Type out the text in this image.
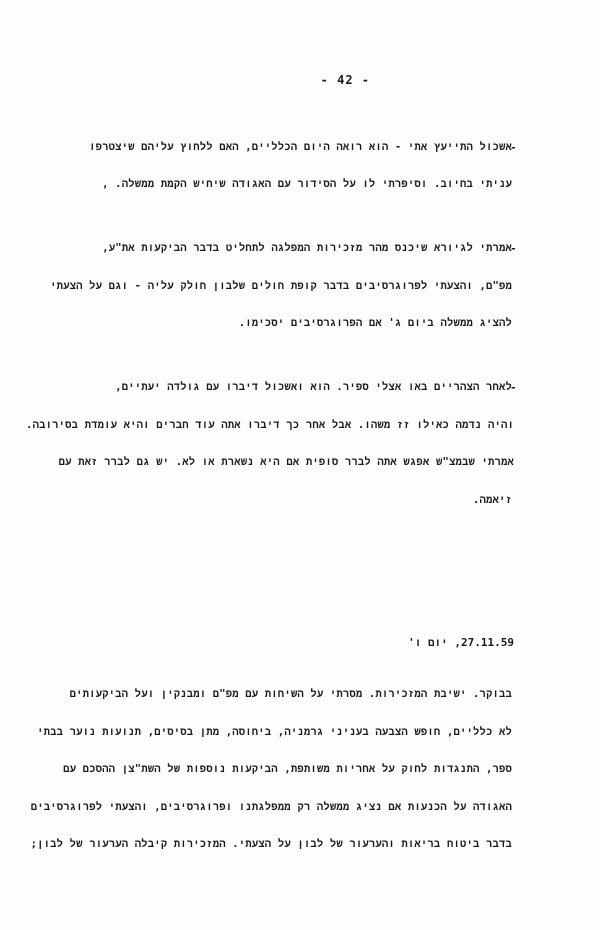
- 42 -
-
אשכול התייעץ אתי - הוא רואה היום הכלליים, האם ללחוץ עליהם שיצטרפו
עניתי בחיוב. וסיפרתי לו על הסידור עם האגודה שיחיש הקמת ממשלה. ,
-
אמרתי לגיורא שיכנס מהר מזכירות המפלגה לתחליט בדבר הביקעות את"ע,
מפ"ם, והצעתי לפרוגרסיבים בדבר קופת חולים שלבון חולק עליה - וגם על הצעתי
להציג ממשלה ביום ג' אם הפרוגרסיבים יסכימו.
-
לאחר הצהריים באו אצלי ספיר. הוא ואשכול דיברו עם גולדה יעתיים,
והיה נדמה כאילו זז משהו. אבל אחר כך דיברו אתה עוד חברים והיא עומדת בסירובה.
אמרתי שבמצ"ש אפגש אתה לברר סופית אם היא נשארת או לא. יש גם לברר זאת עם
זיאמה.
27.11.59, יום ו'
בבוקר. ישיבת המזכירות. מסרתי על השיחות עם מפ"ם ומבנקין ועל הביקעותים
לא כלליים, חופש הצבעה בעניני גרמניה, ביחוסה, מתן בסיסים, תנועות נוער בבתי
ספר, התנגדות לחוק על אחריות משותפת, הביקעות נוספות של השת"צן ההסכם עם
האגודה על הכנעות אם נציג ממשלה רק ממפלגתנו ופרוגרסיבים, והצעתי לפרוגרסיבים
בדבר ביטוח בריאות והערעור של לבון על הצעתי. המזכירות קיבלה הערעור של לבון;
